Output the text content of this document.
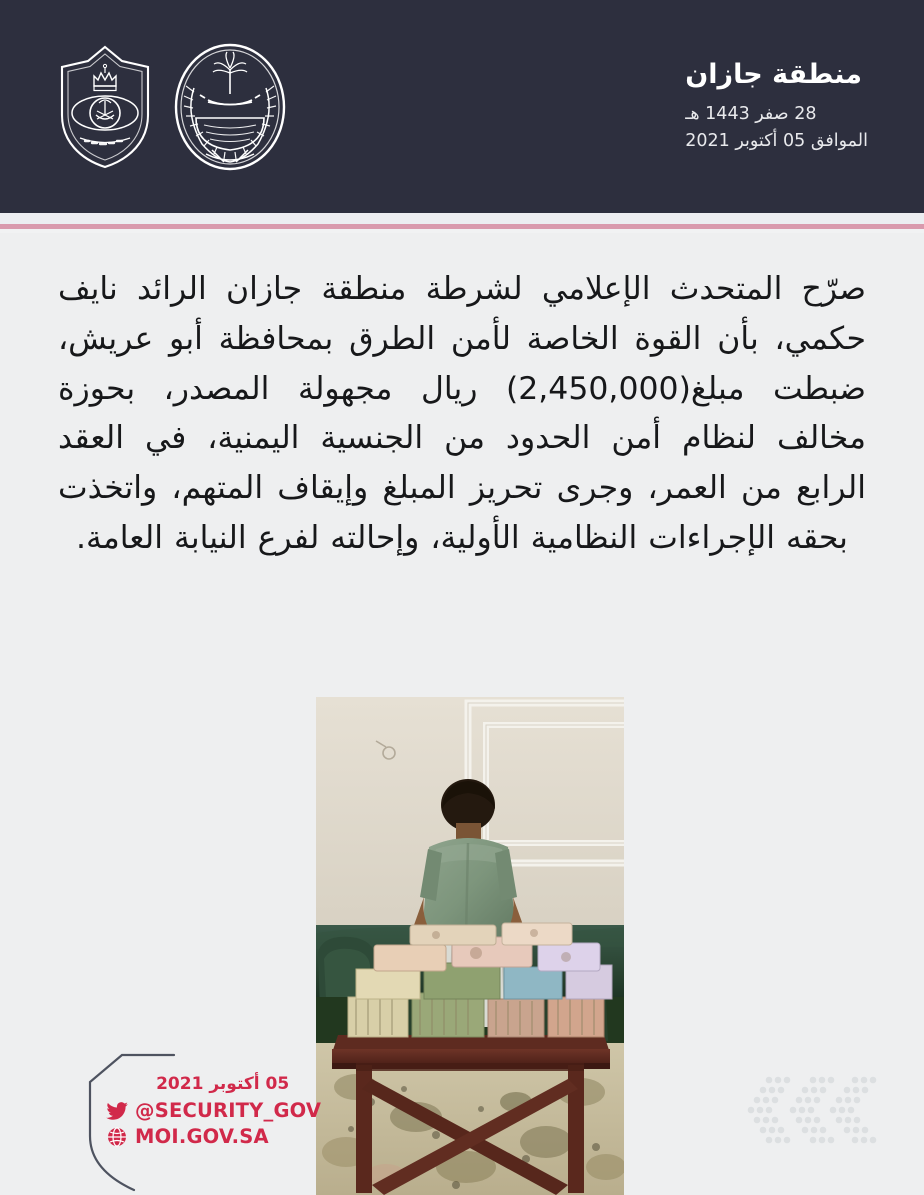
منطقة جازان
28 صفر 1443 هـ
الموافق 05 أكتوبر 2021
صرّح المتحدث الإعلامي لشرطة منطقة جازان الرائد نايف حكمي، بأن القوة الخاصة لأمن الطرق بمحافظة أبو عريش، ضبطت مبلغ(2,450,000) ريال مجهولة المصدر، بحوزة مخالف لنظام أمن الحدود من الجنسية اليمنية، في العقد الرابع من العمر، وجرى تحريز المبلغ وإيقاف المتهم، واتخذت بحقه الإجراءات النظامية الأولية، وإحالته لفرع النيابة العامة.
05 أكتوبر 2021
@SECURITY_GOV
MOI.GOV.SA
